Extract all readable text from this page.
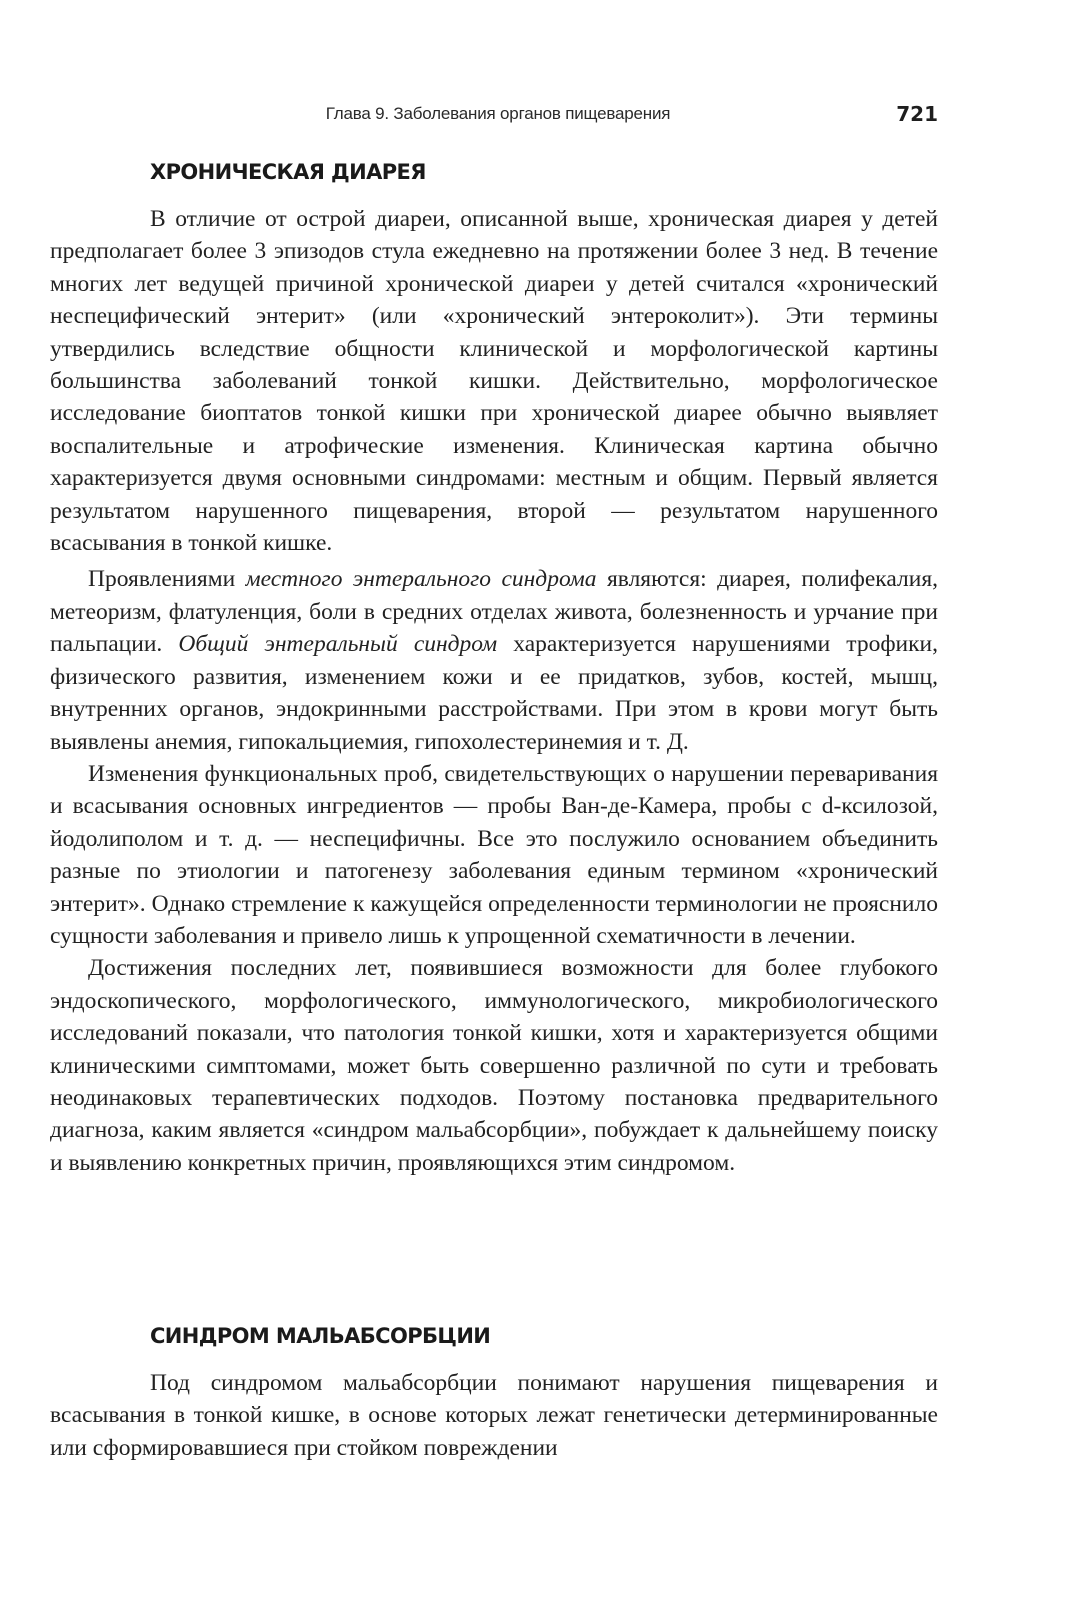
Глава 9. Заболевания органов пищеварения	721
ХРОНИЧЕСКАЯ ДИАРЕЯ

В отличие от острой диареи, описанной выше, хроническая диарея у детей предполагает более 3 эпизодов стула ежедневно на протяжении более 3 нед. В течение многих лет ведущей причиной хронической диареи у детей считался «хронический неспецифический энтерит» (или «хронический энтероколит»). Эти термины утвердились вследствие общности клинической и морфологической картины большинства заболеваний тонкой кишки. Действительно, морфологическое исследование биоптатов тонкой кишки при хронической диарее обычно выявляет воспалительные и атрофические изменения. Клиническая картина обычно характеризуется двумя основными синдромами: местным и общим. Первый является результатом нарушенного пищеварения, второй — результатом нарушенного всасывания в тонкой кишке.

Проявлениями местного энтерального синдрома являются: диарея, полифекалия, метеоризм, флатуленция, боли в средних отделах живота, болезненность и урчание при пальпации. Общий энтеральный синдром характеризуется нарушениями трофики, физического развития, изменением кожи и ее придатков, зубов, костей, мышц, внутренних органов, эндокринными расстройствами. При этом в крови могут быть выявлены анемия, гипокальциемия, гипохолестеринемия и т. Д.

Изменения функциональных проб, свидетельствующих о нарушении переваривания и всасывания основных ингредиентов — пробы Ван-де-Камера, пробы с d-ксилозой, йодолиполом и т. д. — неспецифичны. Все это послужило основанием объединить разные по этиологии и патогенезу заболевания единым термином «хронический энтерит». Однако стремление к кажущейся определенности терминологии не прояснило сущности заболевания и привело лишь к упрощенной схематичности в лечении.

Достижения последних лет, появившиеся возможности для более глубокого эндоскопического, морфологического, иммунологического, микробиологического исследований показали, что патология тонкой кишки, хотя и характеризуется общими клиническими симптомами, может быть совершенно различной по сути и требовать неодинаковых терапевтических подходов. Поэтому постановка предварительного диагноза, каким является «синдром мальабсорбции», побуждает к дальнейшему поиску и выявлению конкретных причин, проявляющихся этим синдромом.

СИНДРОМ МАЛЬАБСОРБЦИИ

Под синдромом мальабсорбции понимают нарушения пищеварения и всасывания в тонкой кишке, в основе которых лежат генетически детерминированные или сформировавшиеся при стойком повреждении
